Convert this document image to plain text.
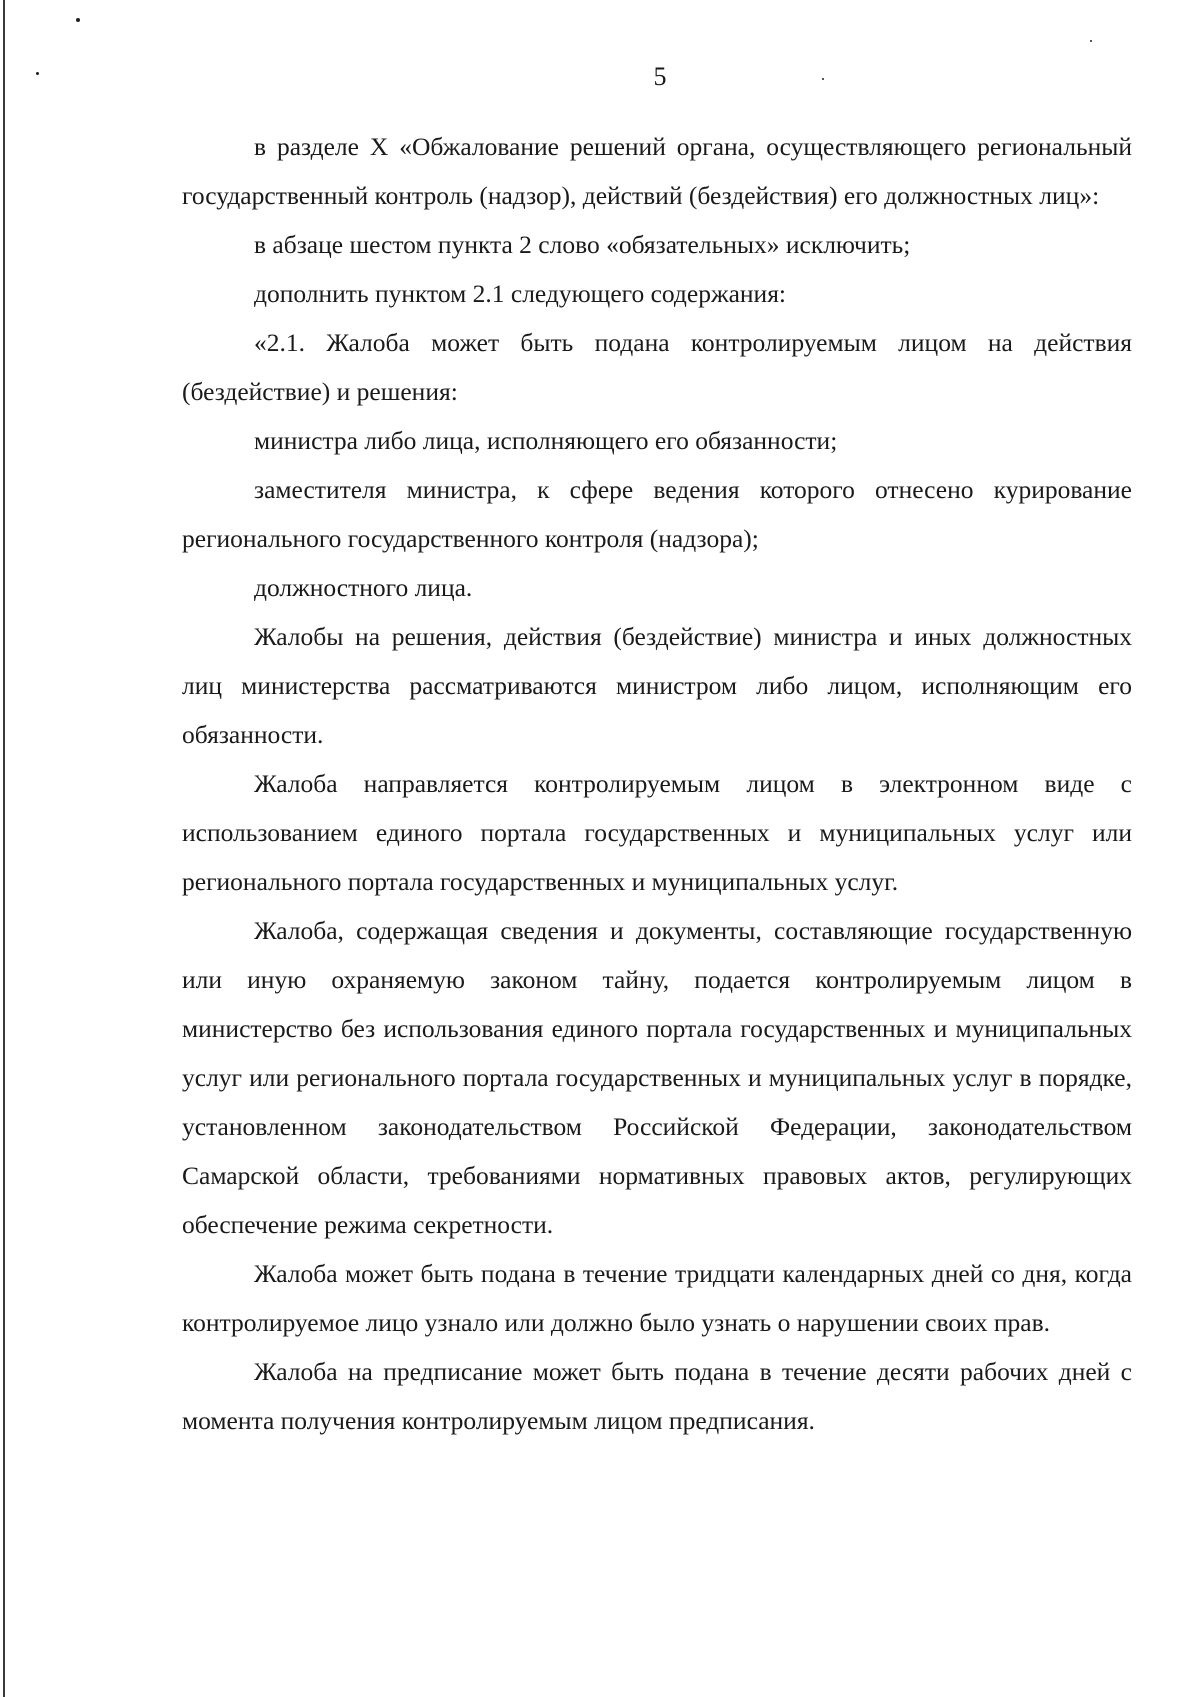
5

в разделе X «Обжалование решений органа, осуществляющего региональный государственный контроль (надзор), действий (бездействия) его должностных лиц»:

в абзаце шестом пункта 2 слово «обязательных» исключить;

дополнить пунктом 2.1 следующего содержания:

«2.1. Жалоба может быть подана контролируемым лицом на действия (бездействие) и решения:

министра либо лица, исполняющего его обязанности;

заместителя министра, к сфере ведения которого отнесено курирование регионального государственного контроля (надзора);

должностного лица.

Жалобы на решения, действия (бездействие) министра и иных должностных лиц министерства рассматриваются министром либо лицом, исполняющим его обязанности.

Жалоба направляется контролируемым лицом в электронном виде с использованием единого портала государственных и муниципальных услуг или регионального портала государственных и муниципальных услуг.

Жалоба, содержащая сведения и документы, составляющие государственную или иную охраняемую законом тайну, подается контролируемым лицом в министерство без использования единого портала государственных и муниципальных услуг или регионального портала государственных и муниципальных услуг в порядке, установленном законодательством Российской Федерации, законодательством Самарской области, требованиями нормативных правовых актов, регулирующих обеспечение режима секретности.

Жалоба может быть подана в течение тридцати календарных дней со дня, когда контролируемое лицо узнало или должно было узнать о нарушении своих прав.

Жалоба на предписание может быть подана в течение десяти рабочих дней с момента получения контролируемым лицом предписания.
